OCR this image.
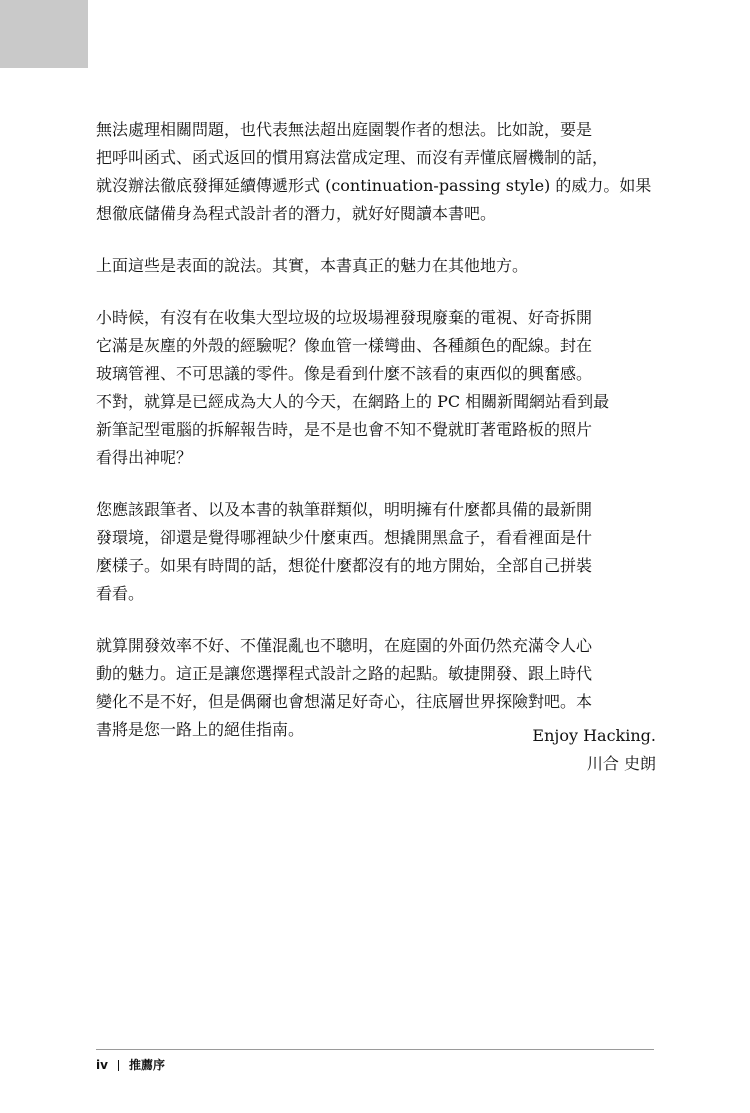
無法處理相關問題，也代表無法超出庭園製作者的想法。比如說，要是
把呼叫函式、函式返回的慣用寫法當成定理、而沒有弄懂底層機制的話，
就沒辦法徹底發揮延續傳遞形式 (continuation-passing style) 的威力。如果
想徹底儲備身為程式設計者的潛力，就好好閱讀本書吧。

上面這些是表面的說法。其實，本書真正的魅力在其他地方。

小時候，有沒有在收集大型垃圾的垃圾場裡發現廢棄的電視、好奇拆開
它滿是灰塵的外殼的經驗呢？像血管一樣彎曲、各種顏色的配線。封在
玻璃管裡、不可思議的零件。像是看到什麼不該看的東西似的興奮感。
不對，就算是已經成為大人的今天，在網路上的 PC 相關新聞網站看到最
新筆記型電腦的拆解報告時，是不是也會不知不覺就盯著電路板的照片
看得出神呢？

您應該跟筆者、以及本書的執筆群類似，明明擁有什麼都具備的最新開
發環境，卻還是覺得哪裡缺少什麼東西。想撬開黑盒子，看看裡面是什
麼樣子。如果有時間的話，想從什麼都沒有的地方開始，全部自己拼裝
看看。

就算開發效率不好、不僅混亂也不聰明，在庭園的外面仍然充滿令人心
動的魅力。這正是讓您選擇程式設計之路的起點。敏捷開發、跟上時代
變化不是不好，但是偶爾也會想滿足好奇心，往底層世界探險對吧。本
書將是您一路上的絕佳指南。	Enjoy Hacking.
川合 史朗
iv 推薦序
